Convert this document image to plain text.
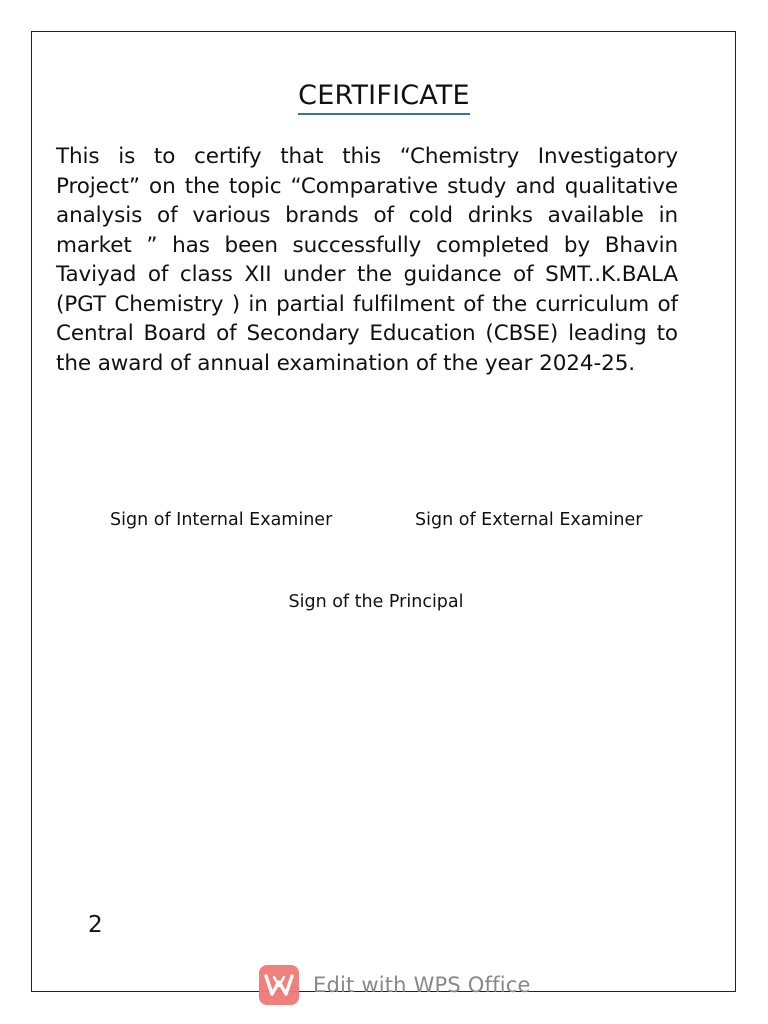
CERTIFICATE
This is to certify that this “Chemistry Investigatory Project” on the topic “Comparative study and qualitative analysis of various brands of cold drinks available in market ” has been successfully completed by Bhavin Taviyad of class XII under the guidance of SMT..K.BALA (PGT Chemistry ) in partial fulfilment of the curriculum of Central Board of Secondary Education (CBSE) leading to the award of annual examination of the year 2024-25.
Sign of Internal Examiner	Sign of External Examiner
Sign of the Principal
2
Edit with WPS Office
